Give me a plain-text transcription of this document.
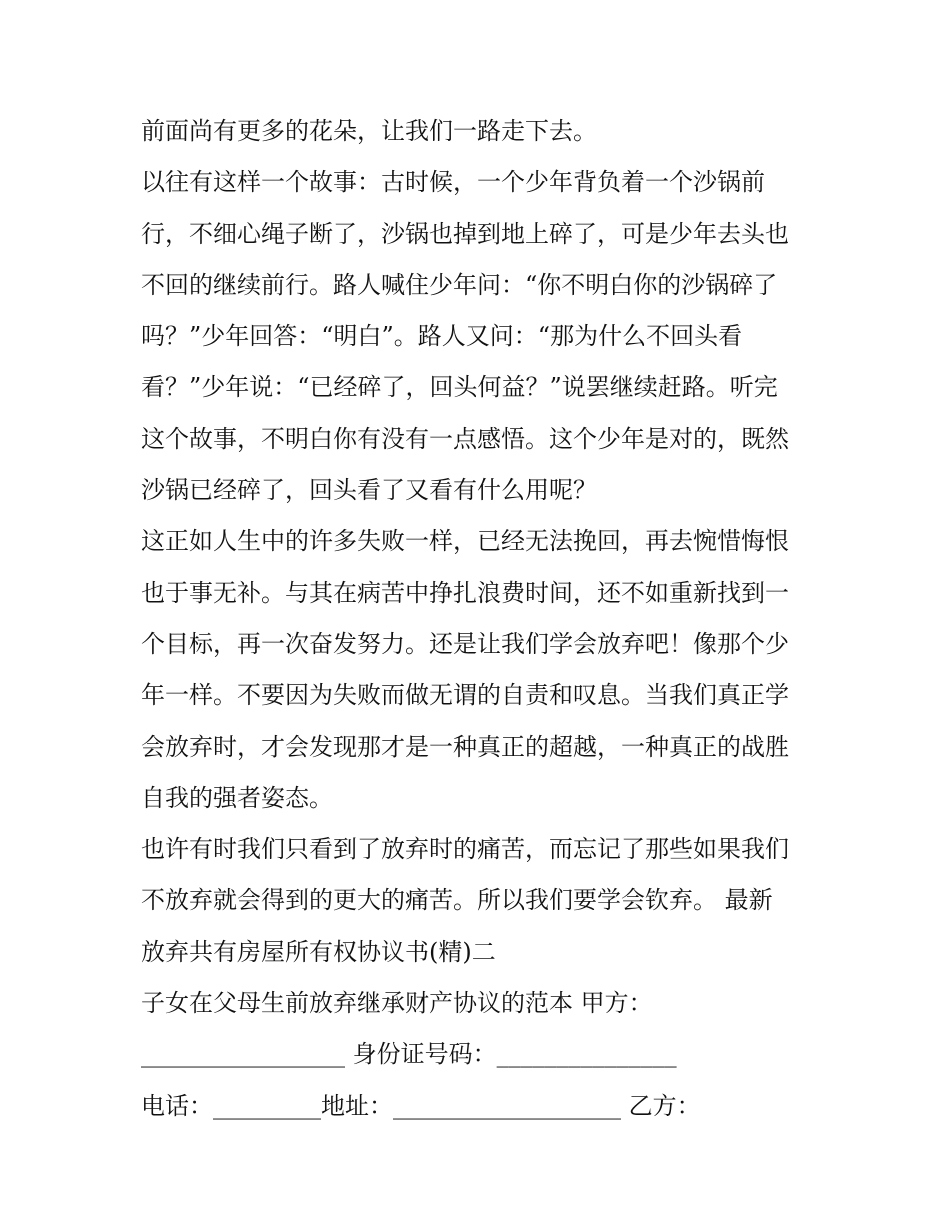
前面尚有更多的花朵，让我们一路走下去。
以往有这样一个故事：古时候，一个少年背负着一个沙锅前
行，不细心绳子断了，沙锅也掉到地上碎了，可是少年去头也
不回的继续前行。路人喊住少年问：“你不明白你的沙锅碎了
吗？”少年回答：“明白”。路人又问：“那为什么不回头看
看？”少年说：“已经碎了，回头何益？”说罢继续赶路。听完
这个故事，不明白你有没有一点感悟。这个少年是对的，既然
沙锅已经碎了，回头看了又看有什么用呢？
这正如人生中的许多失败一样，已经无法挽回，再去惋惜悔恨
也于事无补。与其在病苦中挣扎浪费时间，还不如重新找到一
个目标，再一次奋发努力。还是让我们学会放弃吧！像那个少
年一样。不要因为失败而做无谓的自责和叹息。当我们真正学
会放弃时，才会发现那才是一种真正的超越，一种真正的战胜
自我的强者姿态。
也许有时我们只看到了放弃时的痛苦，而忘记了那些如果我们
不放弃就会得到的更大的痛苦。所以我们要学会钦弃。 最新
放弃共有房屋所有权协议书(精)二
子女在父母生前放弃继承财产协议的范本 甲方：
_________________ 身份证号码：_______________
电话：_________地址：___________________ 乙方：
